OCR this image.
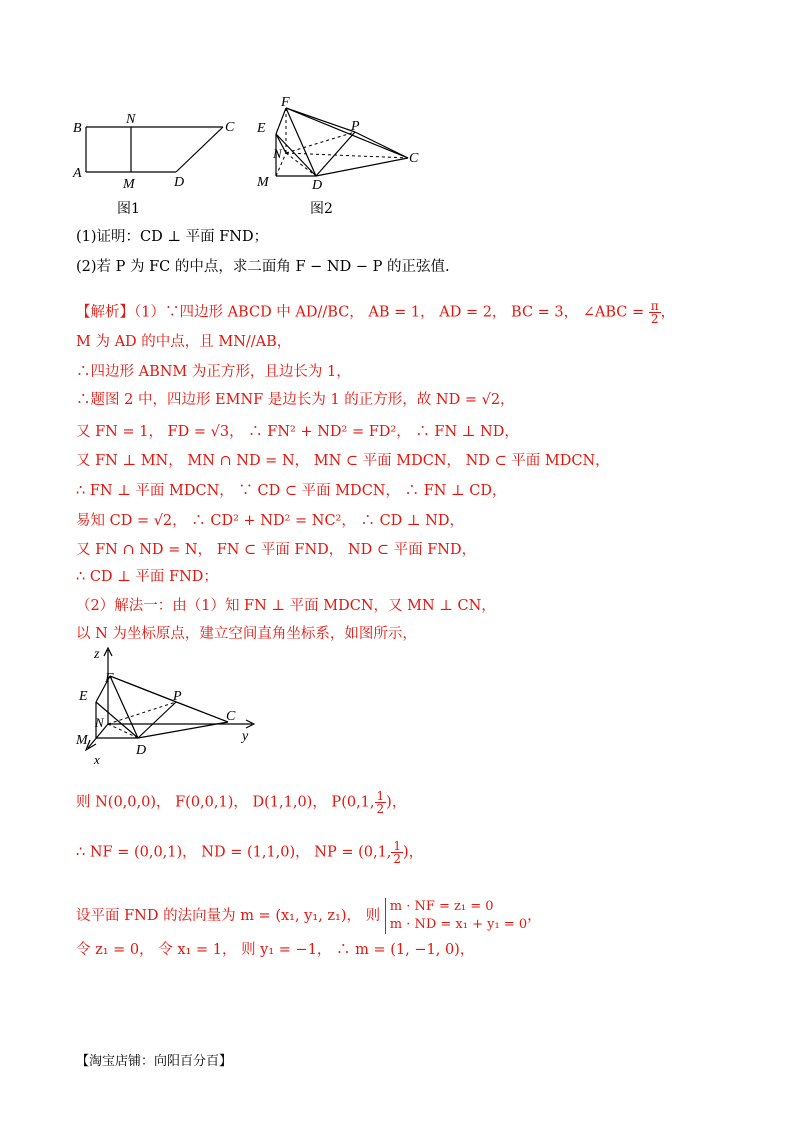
B
N
C
A
M	D
图1
F
E	P
N	C
M	D
图2
(1)证明：CD ⊥ 平面 FND；
(2)若 P 为 FC 的中点，求二面角 F − ND − P 的正弦值.
【解析】（1）∵四边形 ABCD 中 AD//BC， AB = 1， AD = 2， BC = 3， ∠ABC = $\frac{\pi}{2}$ ，
M 为 AD 的中点，且 MN//AB，
∴四边形 ABNM 为正方形，且边长为 1，
∴题图 2 中，四边形 EMNF 是边长为 1 的正方形，故 ND = √2，
又 FN = 1， FD = √3， ∴ FN² + ND² = FD²， ∴ FN ⊥ ND，
又 FN ⊥ MN， MN ∩ ND = N， MN ⊂ 平面 MDCN， ND ⊂ 平面 MDCN，
∴ FN ⊥ 平面 MDCN， ∵ CD ⊂ 平面 MDCN， ∴ FN ⊥ CD，
易知 CD = √2， ∴ CD² + ND² = NC²， ∴ CD ⊥ ND，
又 FN ∩ ND = N， FN ⊂ 平面 FND， ND ⊂ 平面 FND，
∴ CD ⊥ 平面 FND；
（2）解法一：由（1）知 FN ⊥ 平面 MDCN，又 MN ⊥ CN，
以 N 为坐标原点，建立空间直角坐标系，如图所示，
z
F
E	P
N	C
y
M
D
x
则 N(0,0,0)， F(0,0,1)， D(1,1,0)， P(0,1, $\frac{1}{2}$ )，
∴ NF = (0,0,1)， ND = (1,1,0)， NP = (0,1, $\frac{1}{2}$ )，
设平面 FND 的法向量为 m = (x₁, y₁, z₁)， 则
m · NF = z₁ = 0
m · ND = x₁ + y₁ = 0
，
令 z₁ = 0， 令 x₁ = 1， 则 y₁ = −1， ∴ m = (1, −1, 0)，
【淘宝店铺：向阳百分百】
